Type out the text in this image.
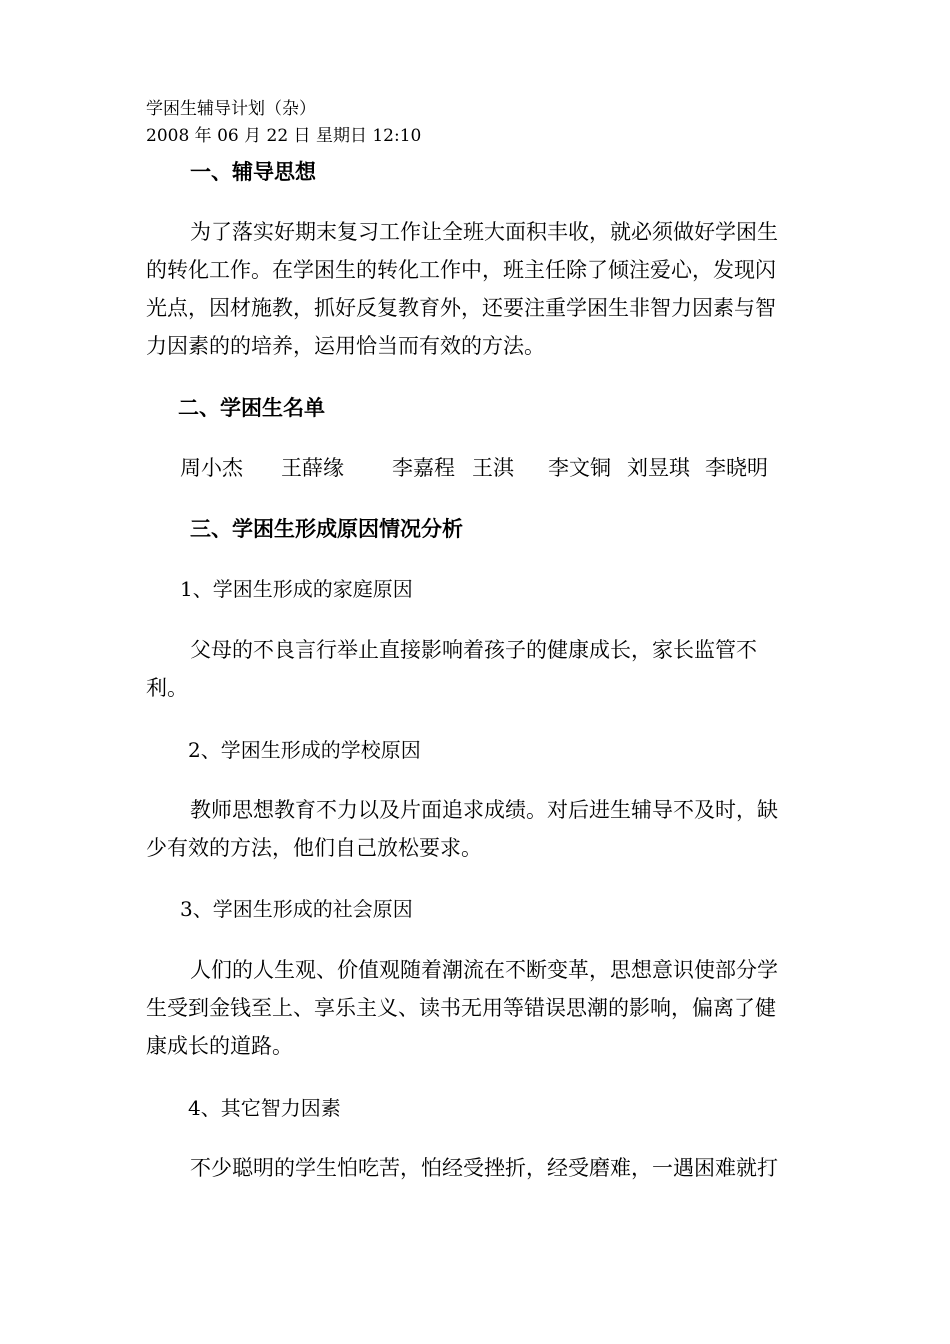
学困生辅导计划（杂）
2008 年 06 月 22 日 星期日 12:10
一、辅导思想
为了落实好期末复习工作让全班大面积丰收，就必须做好学困生
的转化工作。在学困生的转化工作中，班主任除了倾注爱心，发现闪
光点，因材施教，抓好反复教育外，还要注重学困生非智力因素与智
力因素的的培养，运用恰当而有效的方法。
二、学困生名单
周小杰 王薛缘 李嘉程 王淇 李文铜 刘昱琪 李晓明
三、学困生形成原因情况分析
1、学困生形成的家庭原因
父母的不良言行举止直接影响着孩子的健康成长，家长监管不
利。
2、学困生形成的学校原因
教师思想教育不力以及片面追求成绩。对后进生辅导不及时，缺
少有效的方法，他们自己放松要求。
3、学困生形成的社会原因
人们的人生观、价值观随着潮流在不断变革，思想意识使部分学
生受到金钱至上、享乐主义、读书无用等错误思潮的影响，偏离了健
康成长的道路。
4、其它智力因素
不少聪明的学生怕吃苦，怕经受挫折，经受磨难，一遇困难就打
